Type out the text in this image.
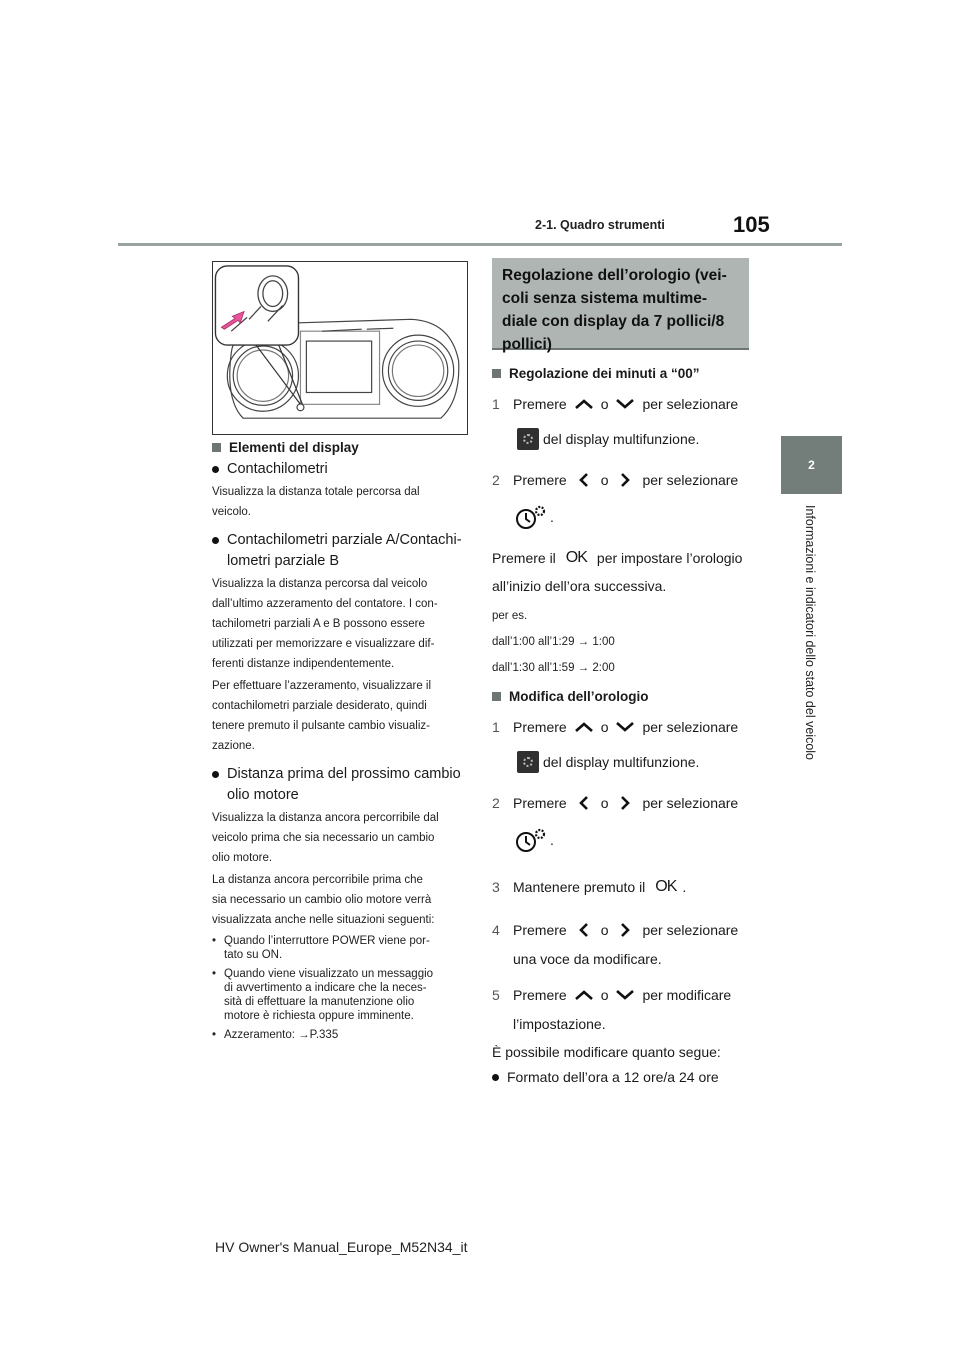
2-1. Quadro strumenti	105
2
Informazioni e indicatori dello stato del veicolo
Elementi del display
Contachilometri
Visualizza la distanza totale percorsa dal
veicolo.
Contachilometri parziale A/Contachi-
lometri parziale B
Visualizza la distanza percorsa dal veicolo
dall’ultimo azzeramento del contatore. I con-
tachilometri parziali A e B possono essere
utilizzati per memorizzare e visualizzare dif-
ferenti distanze indipendentemente.
Per effettuare l’azzeramento, visualizzare il
contachilometri parziale desiderato, quindi
tenere premuto il pulsante cambio visualiz-
zazione.
Distanza prima del prossimo cambio
olio motore
Visualizza la distanza ancora percorribile dal
veicolo prima che sia necessario un cambio
olio motore.
La distanza ancora percorribile prima che
sia necessario un cambio olio motore verrà
visualizzata anche nelle situazioni seguenti:
• Quando l’interruttore POWER viene por-
tato su ON.
• Quando viene visualizzato un messaggio
di avvertimento a indicare che la neces-
sità di effettuare la manutenzione olio
motore è richiesta oppure imminente.
• Azzeramento: →P.335
Regolazione dell’orologio (vei-
coli senza sistema multime-
diale con display da 7 pollici/8
pollici)
Regolazione dei minuti a “00”
1 Premere o per selezionare
del display multifunzione.
2 Premere o per selezionare
.
Premere il OK per impostare l’orologio
all’inizio dell’ora successiva.
per es.
dall’1:00 all’1:29 → 1:00
dall’1:30 all’1:59 → 2:00
Modifica dell’orologio
1 Premere o per selezionare
del display multifunzione.
2 Premere o per selezionare
.
3 Mantenere premuto il OK .
4 Premere o per selezionare
una voce da modificare.
5 Premere o per modificare
l’impostazione.
È possibile modificare quanto segue:
Formato dell’ora a 12 ore/a 24 ore
HV Owner's Manual_Europe_M52N34_it
